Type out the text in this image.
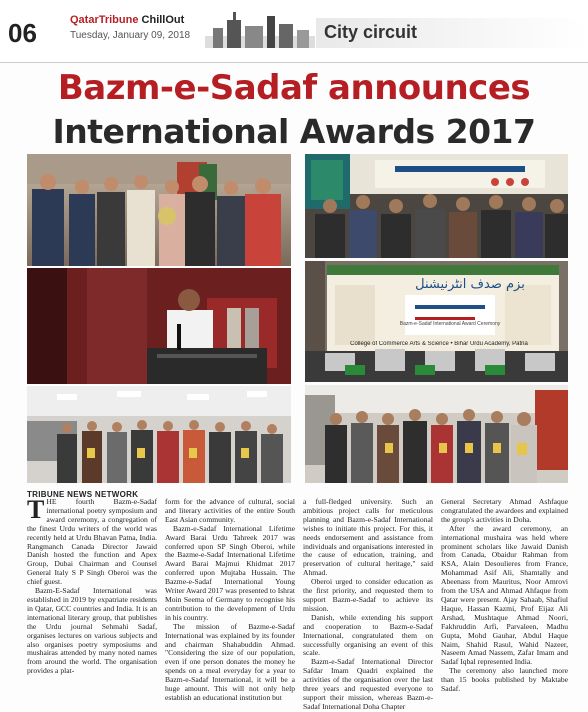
06	QatarTribune ChillOut
Tuesday, January 09, 2018	City circuit
Bazm-e-Sadaf announces
International Awards 2017
بزم صدف انٹرنیشنل
Bazm-e-Sadaf International Award Ceremony
College of Commerce Arts & Science • Bihar Urdu Academy, Patna
TRIBUNE NEWS NETWORK

THE fourth Bazm-e-Sadaf international poetry symposium and award ceremony, a congregation of the finest Urdu writers of the world was recently held at Urdu Bhavan Patna, India. Rangmanch Canada Director Jawaid Danish hosted the function and Apex Group, Dubai Chairman and Counsel General Italy S P Singh Oberoi was the chief guest.

Bazm-E-Sadaf International was established in 2019 by expatriate residents in Qatar, GCC countries and India. It is an international literary group, that publishes the Urdu journal Sehmahi Sadaf, organises lectures on various subjects and also organises poetry symposiums and mushairas attended by many noted names from around the world. The organisation provides a plat-

form for the advance of cultural, social and literary activities of the entire South East Asian community.

Bazm-e-Sadaf International Lifetime Award Barai Urdu Tahreek 2017 was conferred upon SP Singh Oberoi, while the Bazme-e-Sadaf International Lifetime Award Barai Majmui Khidmat 2017 conferred upon Mujtaba Hussain. The Bazme-e-Sadaf International Young Writer Award 2017 was presented to Ishrat Moin Seema of Germany to recognise his contribution to the development of Urdu in his country.

The mission of Bazme-e-Sadaf International was explained by its founder and chairman Shahabuddin Ahmad. "Considering the size of our population, even if one person donates the money he spends on a meal everyday for a year to Bazm-e-Sadaf International, it will be a huge amount. This will not only help establish an educational institution but

a full-fledged university. Such an ambitious project calls for meticulous planning and Bazm-e-Sadaf International wishes to initiate this project. For this, it needs endorsement and assistance from individuals and organisations interested in the cause of education, training, and preservation of cultural heritage," said Ahmad.

Oberoi urged to consider education as the first priority, and requested them to support Bazm-e-Sadaf to achieve its mission.

Danish, while extending his support and cooperation to Bazm-e-Sadaf International, congratulated them on successfully organising an event of this scale.

Bazm-e-Sadaf International Director Safdar Imam Quadri explained the activities of the organisation over the last three years and requested everyone to support their mission, whereas Bazm-e-Sadaf International Doha Chapter

General Secretary Ahmad Ashfaque congratulated the awardees and explained the group's activities in Doha.

After the award ceremony, an international mushaira was held where prominent scholars like Jawaid Danish from Canada, Obaidur Rahman from KSA, Alain Desoulieres from France, Mohammad Asif Ali, Shamtally and Abeenass from Mauritus, Noor Amrovi from the USA and Ahmad Ahfaque from Qatar were present. Ajay Sahaab, Shafiul Haque, Hassan Kazmi, Prof Eijaz Ali Arshad, Mushtaque Ahmad Noori, Fakhruddin Arfi, Parvaleen, Madhu Gupta, Mohd Gauhar, Abdul Haque Naim, Shahid Rasul, Wahid Nazeer, Naseem Amad Nassem, Zafar Imam and Sadaf Iqbal represented India.

The ceremony also launched more than 15 books published by Maktabe Sadaf.
